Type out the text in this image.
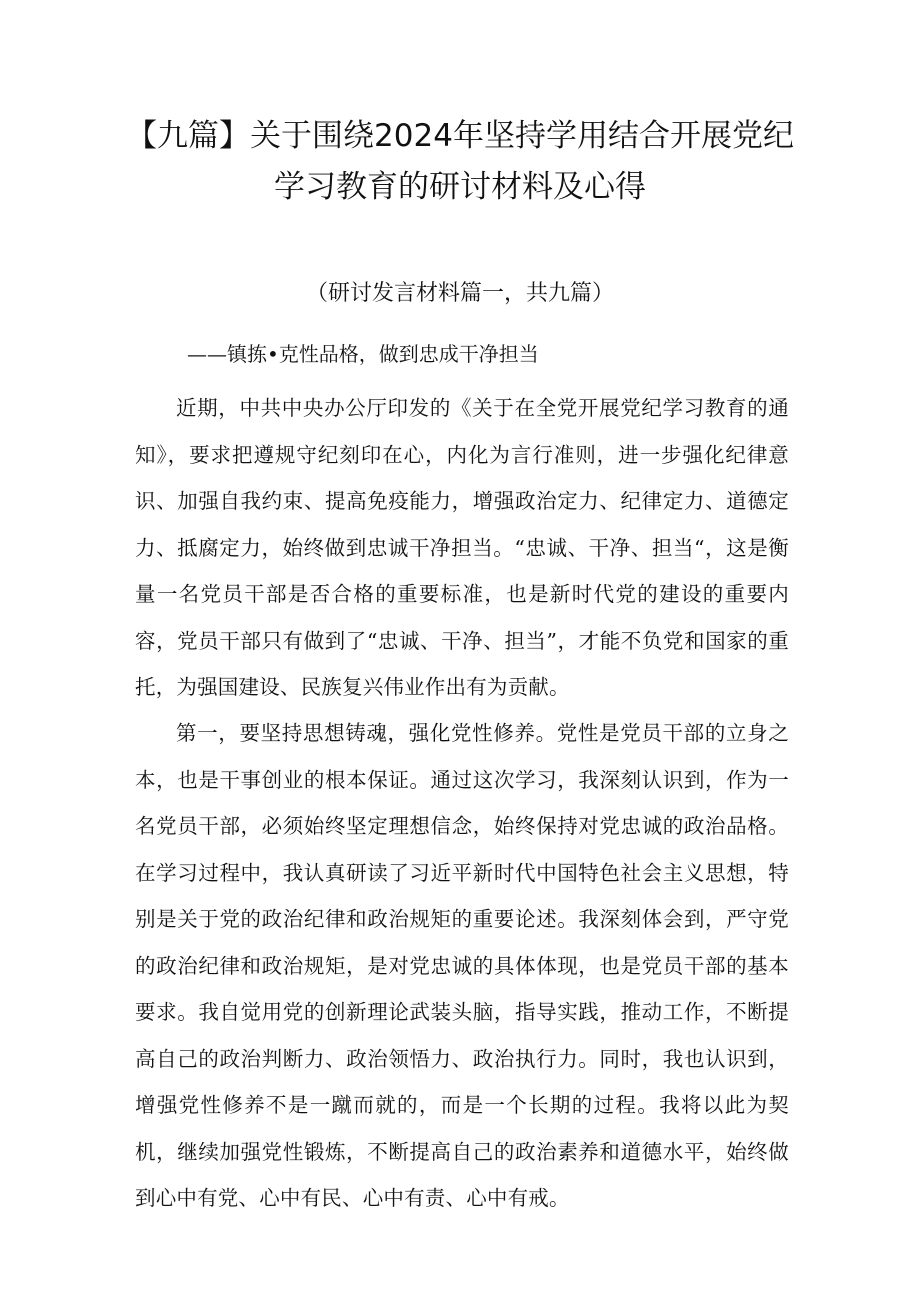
【九篇】关于围绕2024年坚持学用结合开展党纪
学习教育的研讨材料及心得

（研讨发言材料篇一，共九篇）

——镇拣•克性品格，做到忠成干净担当

近期，中共中央办公厅印发的《关于在全党开展党纪学习教育的通知》，要求把遵规守纪刻印在心，内化为言行准则，进一步强化纪律意识、加强自我约束、提高免疫能力，增强政治定力、纪律定力、道德定力、抵腐定力，始终做到忠诚干净担当。“忠诚、干净、担当“，这是衡量一名党员干部是否合格的重要标准，也是新时代党的建设的重要内容，党员干部只有做到了“忠诚、干净、担当”，才能不负党和国家的重托，为强国建设、民族复兴伟业作出有为贡献。

第一，要坚持思想铸魂，强化党性修养。党性是党员干部的立身之本，也是干事创业的根本保证。通过这次学习，我深刻认识到，作为一名党员干部，必须始终坚定理想信念，始终保持对党忠诚的政治品格。在学习过程中，我认真研读了习近平新时代中国特色社会主义思想，特别是关于党的政治纪律和政治规矩的重要论述。我深刻体会到，严守党的政治纪律和政治规矩，是对党忠诚的具体体现，也是党员干部的基本要求。我自觉用党的创新理论武装头脑，指导实践，推动工作，不断提高自己的政治判断力、政治领悟力、政治执行力。同时，我也认识到，增强党性修养不是一蹴而就的，而是一个长期的过程。我将以此为契机，继续加强党性锻炼，不断提高自己的政治素养和道德水平，始终做到心中有党、心中有民、心中有责、心中有戒。
